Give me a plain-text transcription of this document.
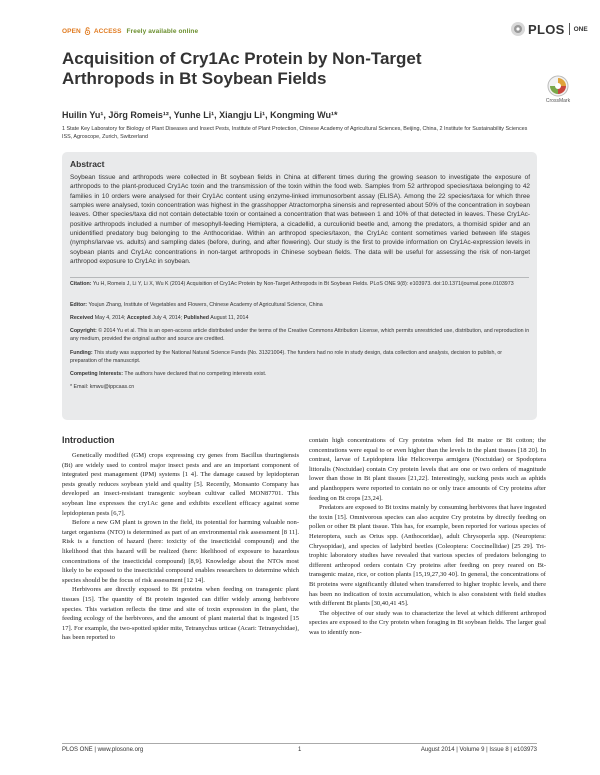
OPEN ACCESS Freely available online	PLOS ONE
Acquisition of Cry1Ac Protein by Non-Target Arthropods in Bt Soybean Fields
CrossMark
Huilin Yu¹, Jörg Romeis¹², Yunhe Li¹, Xiangju Li¹, Kongming Wu¹*
1 State Key Laboratory for Biology of Plant Diseases and Insect Pests, Institute of Plant Protection, Chinese Academy of Agricultural Sciences, Beijing, China, 2 Institute for Sustainability Sciences ISS, Agroscope, Zurich, Switzerland
Abstract
Soybean tissue and arthropods were collected in Bt soybean fields in China at different times during the growing season to investigate the exposure of arthropods to the plant-produced Cry1Ac toxin and the transmission of the toxin within the food web. Samples from 52 arthropod species/taxa belonging to 42 families in 10 orders were analysed for their Cry1Ac content using enzyme-linked immunosorbent assay (ELISA). Among the 22 species/taxa for which three samples were analysed, toxin concentration was highest in the grasshopper Atractomorpha sinensis and represented about 50% of the concentration in soybean leaves. Other species/taxa did not contain detectable toxin or contained a concentration that was between 1 and 10% of that detected in leaves. These Cry1Ac-positive arthropods included a number of mesophyll-feeding Hemiptera, a cicadellid, a curculionid beetle and, among the predators, a thomisid spider and an unidentified predatory bug belonging to the Anthocoridae. Within an arthropod species/taxon, the Cry1Ac content sometimes varied between life stages (nymphs/larvae vs. adults) and sampling dates (before, during, and after flowering). Our study is the first to provide information on Cry1Ac-expression levels in soybean plants and Cry1Ac concentrations in non-target arthropods in Chinese soybean fields. The data will be useful for assessing the risk of non-target arthropod exposure to Cry1Ac in soybean.
Citation: Yu H, Romeis J, Li Y, Li X, Wu K (2014) Acquisition of Cry1Ac Protein by Non-Target Arthropods in Bt Soybean Fields. PLoS ONE 9(8): e103973. doi:10.1371/journal.pone.0103973
Editor: Youjun Zhang, Institute of Vegetables and Flowers, Chinese Academy of Agricultural Science, China
Received May 4, 2014; Accepted July 4, 2014; Published August 11, 2014
Copyright: © 2014 Yu et al. This is an open-access article distributed under the terms of the Creative Commons Attribution License, which permits unrestricted use, distribution, and reproduction in any medium, provided the original author and source are credited.
Funding: This study was supported by the National Natural Science Funds (No. 31321004). The funders had no role in study design, data collection and analysis, decision to publish, or preparation of the manuscript.
Competing Interests: The authors have declared that no competing interests exist.
* Email: kmwu@ippcaas.cn
Introduction

Genetically modified (GM) crops expressing cry genes from Bacillus thuringiensis (Bt) are widely used to control major insect pests and are an important component of integrated pest management (IPM) systems [1 4]. The damage caused by lepidopteran pests greatly reduces soybean yield and quality [5]. Recently, Monsanto Company has developed an insect-resistant transgenic soybean cultivar called MON87701. This soybean line expresses the cry1Ac gene and exhibits excellent efficacy against some lepidopteran pests [6,7].

Before a new GM plant is grown in the field, its potential for harming valuable non-target organisms (NTO) is determined as part of an environmental risk assessment [8 11]. Risk is a function of hazard (here: toxicity of the insecticidal compound) and the likelihood that this hazard will be realized (here: likelihood of exposure to hazardous concentrations of the insecticidal compound) [8,9]. Knowledge about the NTOs most likely to be exposed to the insecticidal compound enables researchers to determine which species should be the focus of risk assessment [12 14].

Herbivores are directly exposed to Bt proteins when feeding on transgenic plant tissues [15]. The quantity of Bt protein ingested can differ widely among herbivore species. This variation reflects the time and site of toxin expression in the plant, the feeding ecology of the herbivores, and the amount of plant material that is ingested [15 17]. For example, the two-spotted spider mite, Tetranychus urticae (Acari: Tetranychidae), has been reported to

contain high concentrations of Cry proteins when fed Bt maize or Bt cotton; the concentrations were equal to or even higher than the levels in the plant tissues [18 20]. In contrast, larvae of Lepidoptera like Helicoverpa armigera (Noctuidae) or Spodoptera littoralis (Noctuidae) contain Cry protein levels that are one or two orders of magnitude lower than those in Bt plant tissues [21,22]. Interestingly, sucking pests such as aphids and planthoppers were reported to contain no or only trace amounts of Cry proteins after feeding on Bt crops [23,24].

Predators are exposed to Bt toxins mainly by consuming herbivores that have ingested the toxin [15]. Omnivorous species can also acquire Cry proteins by directly feeding on pollen or other Bt plant tissue. This has, for example, been reported for various species of Heteroptera, such as Orius spp. (Anthocoridae), adult Chrysoperla spp. (Neuroptera: Chrysopidae), and species of ladybird beetles (Coleoptera: Coccinellidae) [25 29]. Tri-trophic laboratory studies have revealed that various species of predators belonging to different arthropod orders contain Cry proteins after feeding on prey reared on Bt-transgenic maize, rice, or cotton plants [15,19,27,30 40]. In general, the concentrations of Bt proteins were significantly diluted when transferred to higher trophic levels, and there has been no indication of toxin accumulation, which is also consistent with field studies with different Bt plants [30,40,41 45].

The objective of our study was to characterize the level at which different arthropod species are exposed to the Cry protein when foraging in Bt soybean fields. The larger goal was to identify non-

PLOS ONE | www.plosone.org	1	August 2014 | Volume 9 | Issue 8 | e103973
